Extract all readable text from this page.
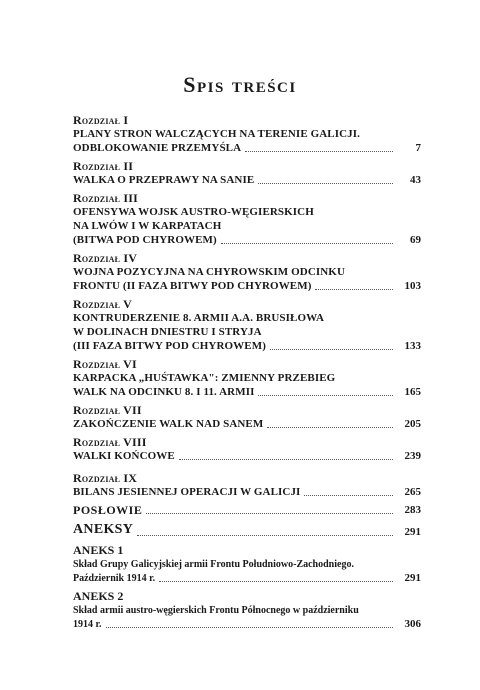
Spis treści
Rozdział I
PLANY STRON WALCZĄCYCH NA TERENIE GALICJI.
ODBLOKOWANIE PRZEMYŚLA	7
Rozdział II
WALKA O PRZEPRAWY NA SANIE	43
Rozdział III
OFENSYWA WOJSK AUSTRO-WĘGIERSKICH
NA LWÓW I W KARPATACH
(BITWA POD CHYROWEM)	69
Rozdział IV
WOJNA POZYCYJNA NA CHYROWSKIM ODCINKU
FRONTU (II FAZA BITWY POD CHYROWEM)	103
Rozdział V
KONTRUDERZENIE 8. ARMII A.A. BRUSIŁOWA
W DOLINACH DNIESTRU I STRYJA
(III FAZA BITWY POD CHYROWEM)	133
Rozdział VI
KARPACKA „HUŚTAWKA": ZMIENNY PRZEBIEG
WALK NA ODCINKU 8. I 11. ARMII	165
Rozdział VII
ZAKOŃCZENIE WALK NAD SANEM	205
Rozdział VIII
WALKI KOŃCOWE	239
Rozdział IX
BILANS JESIENNEJ OPERACJI W GALICJI	265
POSŁOWIE	283
ANEKSY	291
ANEKS 1
Skład Grupy Galicyjskiej armii Frontu Południowo-Zachodniego.
Październik 1914 r.	291
ANEKS 2
Skład armii austro-węgierskich Frontu Północnego w październiku
1914 r.	306
